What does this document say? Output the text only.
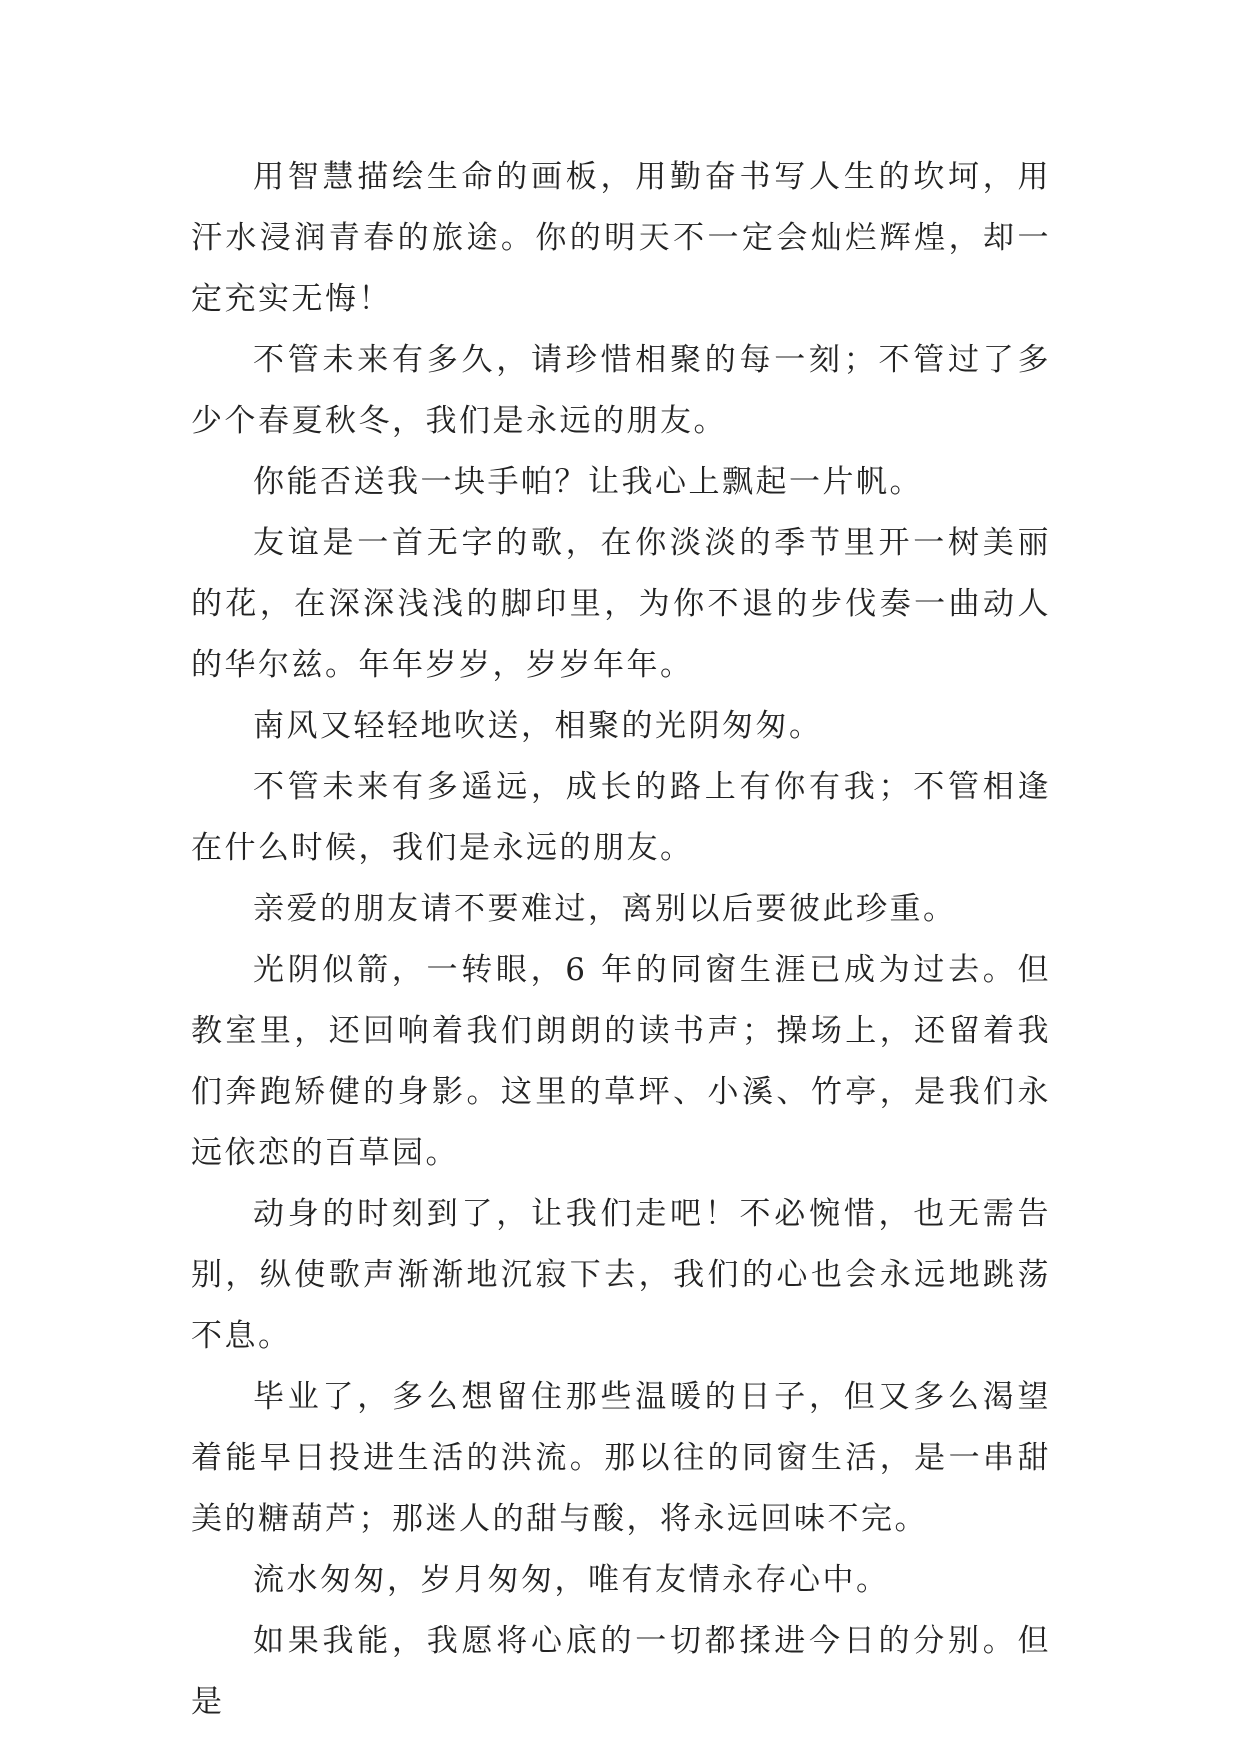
用智慧描绘生命的画板，用勤奋书写人生的坎坷，用汗水浸润青春的旅途。你的明天不一定会灿烂辉煌，却一定充实无悔！

不管未来有多久，请珍惜相聚的每一刻；不管过了多少个春夏秋冬，我们是永远的朋友。

你能否送我一块手帕？让我心上飘起一片帆。

友谊是一首无字的歌，在你淡淡的季节里开一树美丽的花，在深深浅浅的脚印里，为你不退的步伐奏一曲动人的华尔兹。年年岁岁，岁岁年年。

南风又轻轻地吹送，相聚的光阴匆匆。

不管未来有多遥远，成长的路上有你有我；不管相逢在什么时候，我们是永远的朋友。

亲爱的朋友请不要难过，离别以后要彼此珍重。

光阴似箭，一转眼，6 年的同窗生涯已成为过去。但教室里，还回响着我们朗朗的读书声；操场上，还留着我们奔跑矫健的身影。这里的草坪、小溪、竹亭，是我们永远依恋的百草园。

动身的时刻到了，让我们走吧！不必惋惜，也无需告别，纵使歌声渐渐地沉寂下去，我们的心也会永远地跳荡不息。

毕业了，多么想留住那些温暖的日子，但又多么渴望着能早日投进生活的洪流。那以往的同窗生活，是一串甜美的糖葫芦；那迷人的甜与酸，将永远回味不完。

流水匆匆，岁月匆匆，唯有友情永存心中。

如果我能，我愿将心底的一切都揉进今日的分别。但是
